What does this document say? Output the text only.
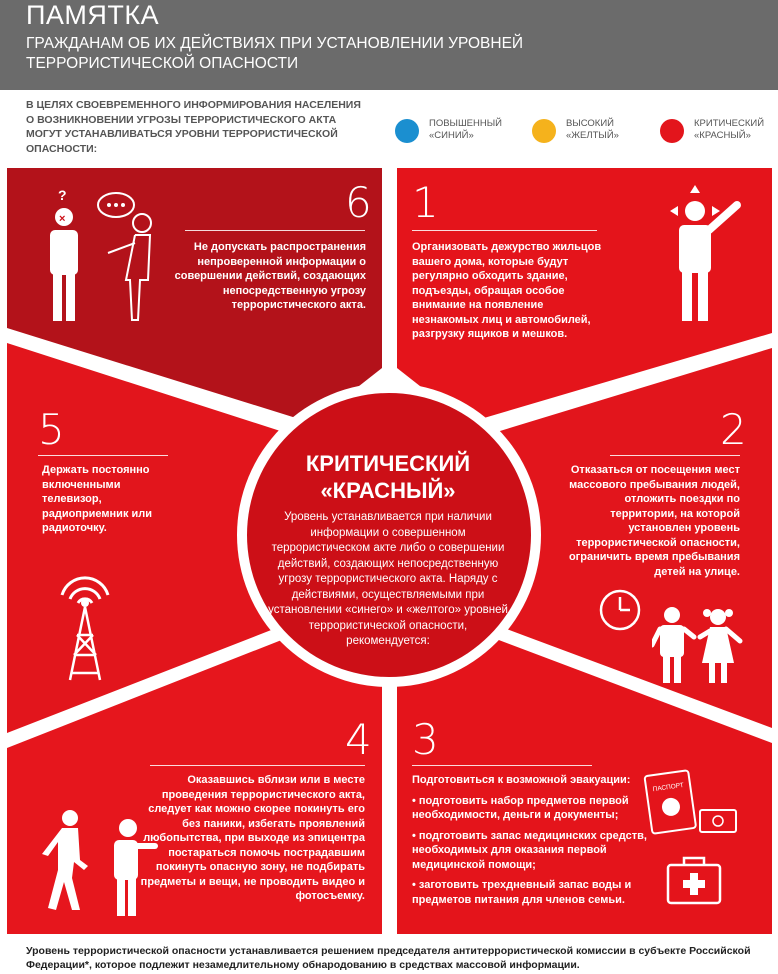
ПАМЯТКА
ГРАЖДАНАМ ОБ ИХ ДЕЙСТВИЯХ ПРИ УСТАНОВЛЕНИИ УРОВНЕЙ ТЕРРОРИСТИЧЕСКОЙ ОПАСНОСТИ
В ЦЕЛЯХ СВОЕВРЕМЕННОГО ИНФОРМИРОВАНИЯ НАСЕЛЕНИЯ О ВОЗНИКНОВЕНИИ УГРОЗЫ ТЕРРОРИСТИЧЕСКОГО АКТА МОГУТ УСТАНАВЛИВАТЬСЯ УРОВНИ ТЕРРОРИСТИЧЕСКОЙ ОПАСНОСТИ:
ПОВЫШЕННЫЙ «СИНИЙ»
ВЫСОКИЙ «ЖЕЛТЫЙ»
КРИТИЧЕСКИЙ «КРАСНЫЙ»
6
Не допускать распространения непроверенной информации о совершении действий, создающих непосредственную угрозу террористического акта.
?
×	1
Организовать дежурство жильцов вашего дома, которые будут регулярно обходить здание, подъезды, обращая особое внимание на появление незнакомых лиц и автомобилей, разгрузку ящиков и мешков.
5
Держать постоянно включенными телевизор, радиоприемник или радиоточку.
2
Отказаться от посещения мест массового пребывания людей, отложить поездки по территории, на которой установлен уровень террористической опасности, ограничить время пребывания детей на улице.
4
Оказавшись вблизи или в месте проведения террористического акта, следует как можно скорее покинуть его без паники, избегать проявлений любопытства, при выходе из эпицентра постараться помочь пострадавшим покинуть опасную зону, не подбирать предметы и вещи, не проводить видео и фотосъемку.
3
Подготовиться к возможной эвакуации:
• подготовить набор предметов первой необходимости, деньги и документы;
• подготовить запас медицинских средств, необходимых для оказания первой медицинской помощи;
• заготовить трехдневный запас воды и предметов питания для членов семьи.
ПАСПОРТ
КРИТИЧЕСКИЙ «КРАСНЫЙ»
Уровень устанавливается при наличии информации о совершенном террористическом акте либо о совершении действий, создающих непосредственную угрозу террористического акта. Наряду с действиями, осуществляемыми при установлении «синего» и «желтого» уровней террористической опасности, рекомендуется:
Уровень террористической опасности устанавливается решением председателя антитеррористической комиссии в субъекте Российской Федерации*, которое подлежит незамедлительному обнародованию в средствах массовой информации.
